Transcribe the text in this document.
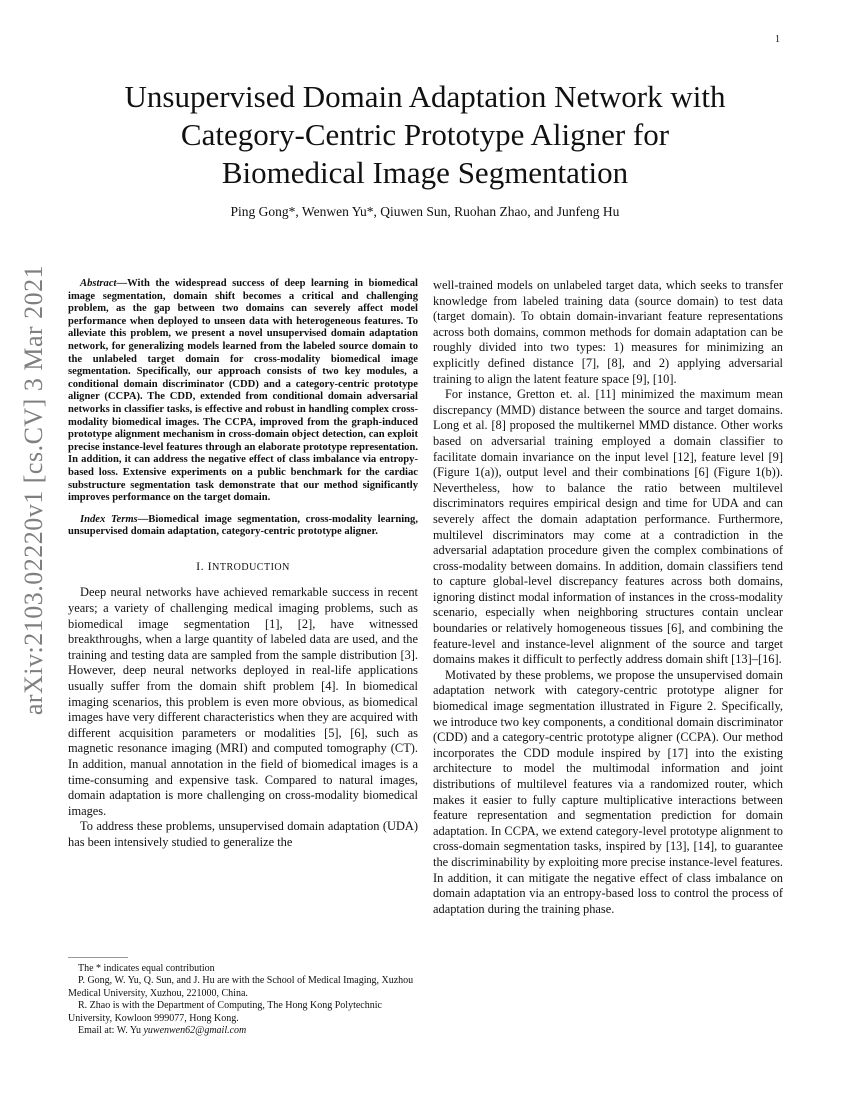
1
arXiv:2103.02220v1 [cs.CV] 3 Mar 2021
Unsupervised Domain Adaptation Network with
Category-Centric Prototype Aligner for
Biomedical Image Segmentation
Ping Gong*, Wenwen Yu*, Qiuwen Sun, Ruohan Zhao, and Junfeng Hu

Abstract—With the widespread success of deep learning in biomedical image segmentation, domain shift becomes a critical and challenging problem, as the gap between two domains can severely affect model performance when deployed to unseen data with heterogeneous features. To alleviate this problem, we present a novel unsupervised domain adaptation network, for generalizing models learned from the labeled source domain to the unlabeled target domain for cross-modality biomedical image segmentation. Specifically, our approach consists of two key modules, a conditional domain discriminator (CDD) and a category-centric prototype aligner (CCPA). The CDD, extended from conditional domain adversarial networks in classifier tasks, is effective and robust in handling complex cross-modality biomedical images. The CCPA, improved from the graph-induced prototype alignment mechanism in cross-domain object detection, can exploit precise instance-level features through an elaborate prototype representation. In addition, it can address the negative effect of class imbalance via entropy-based loss. Extensive experiments on a public benchmark for the cardiac substructure segmentation task demonstrate that our method significantly improves performance on the target domain.

Index Terms—Biomedical image segmentation, cross-modality learning, unsupervised domain adaptation, category-centric prototype aligner.

I. INTRODUCTION

Deep neural networks have achieved remarkable success in recent years; a variety of challenging medical imaging problems, such as biomedical image segmentation [1], [2], have witnessed breakthroughs, when a large quantity of labeled data are used, and the training and testing data are sampled from the sample distribution [3]. However, deep neural networks deployed in real-life applications usually suffer from the domain shift problem [4]. In biomedical imaging scenarios, this problem is even more obvious, as biomedical images have very different characteristics when they are acquired with different acquisition parameters or modalities [5], [6], such as magnetic resonance imaging (MRI) and computed tomography (CT). In addition, manual annotation in the field of biomedical images is a time-consuming and expensive task. Compared to natural images, domain adaptation is more challenging on cross-modality biomedical images.

To address these problems, unsupervised domain adaptation (UDA) has been intensively studied to generalize the

well-trained models on unlabeled target data, which seeks to transfer knowledge from labeled training data (source domain) to test data (target domain). To obtain domain-invariant feature representations across both domains, common methods for domain adaptation can be roughly divided into two types: 1) measures for minimizing an explicitly defined distance [7], [8], and 2) applying adversarial training to align the latent feature space [9], [10].

For instance, Gretton et. al. [11] minimized the maximum mean discrepancy (MMD) distance between the source and target domains. Long et al. [8] proposed the multikernel MMD distance. Other works based on adversarial training employed a domain classifier to facilitate domain invariance on the input level [12], feature level [9] (Figure 1(a)), output level and their combinations [6] (Figure 1(b)). Nevertheless, how to balance the ratio between multilevel discriminators requires empirical design and time for UDA and can severely affect the domain adaptation performance. Furthermore, multilevel discriminators may come at a contradiction in the adversarial adaptation procedure given the complex combinations of cross-modality between domains. In addition, domain classifiers tend to capture global-level discrepancy features across both domains, ignoring distinct modal information of instances in the cross-modality scenario, especially when neighboring structures contain unclear boundaries or relatively homogeneous tissues [6], and combining the feature-level and instance-level alignment of the source and target domains makes it difficult to perfectly address domain shift [13]–[16].

Motivated by these problems, we propose the unsupervised domain adaptation network with category-centric prototype aligner for biomedical image segmentation illustrated in Figure 2. Specifically, we introduce two key components, a conditional domain discriminator (CDD) and a category-centric prototype aligner (CCPA). Our method incorporates the CDD module inspired by [17] into the existing architecture to model the multimodal information and joint distributions of multilevel features via a randomized router, which makes it easier to fully capture multiplicative interactions between feature representation and segmentation prediction for domain adaptation. In CCPA, we extend category-level prototype alignment to cross-domain segmentation tasks, inspired by [13], [14], to guarantee the discriminability by exploiting more precise instance-level features. In addition, it can mitigate the negative effect of class imbalance on domain adaptation via an entropy-based loss to control the process of adaptation during the training phase.

The * indicates equal contribution

P. Gong, W. Yu, Q. Sun, and J. Hu are with the School of Medical Imaging, Xuzhou Medical University, Xuzhou, 221000, China.

R. Zhao is with the Department of Computing, The Hong Kong Polytechnic University, Kowloon 999077, Hong Kong.

Email at: W. Yu yuwenwen62@gmail.com
